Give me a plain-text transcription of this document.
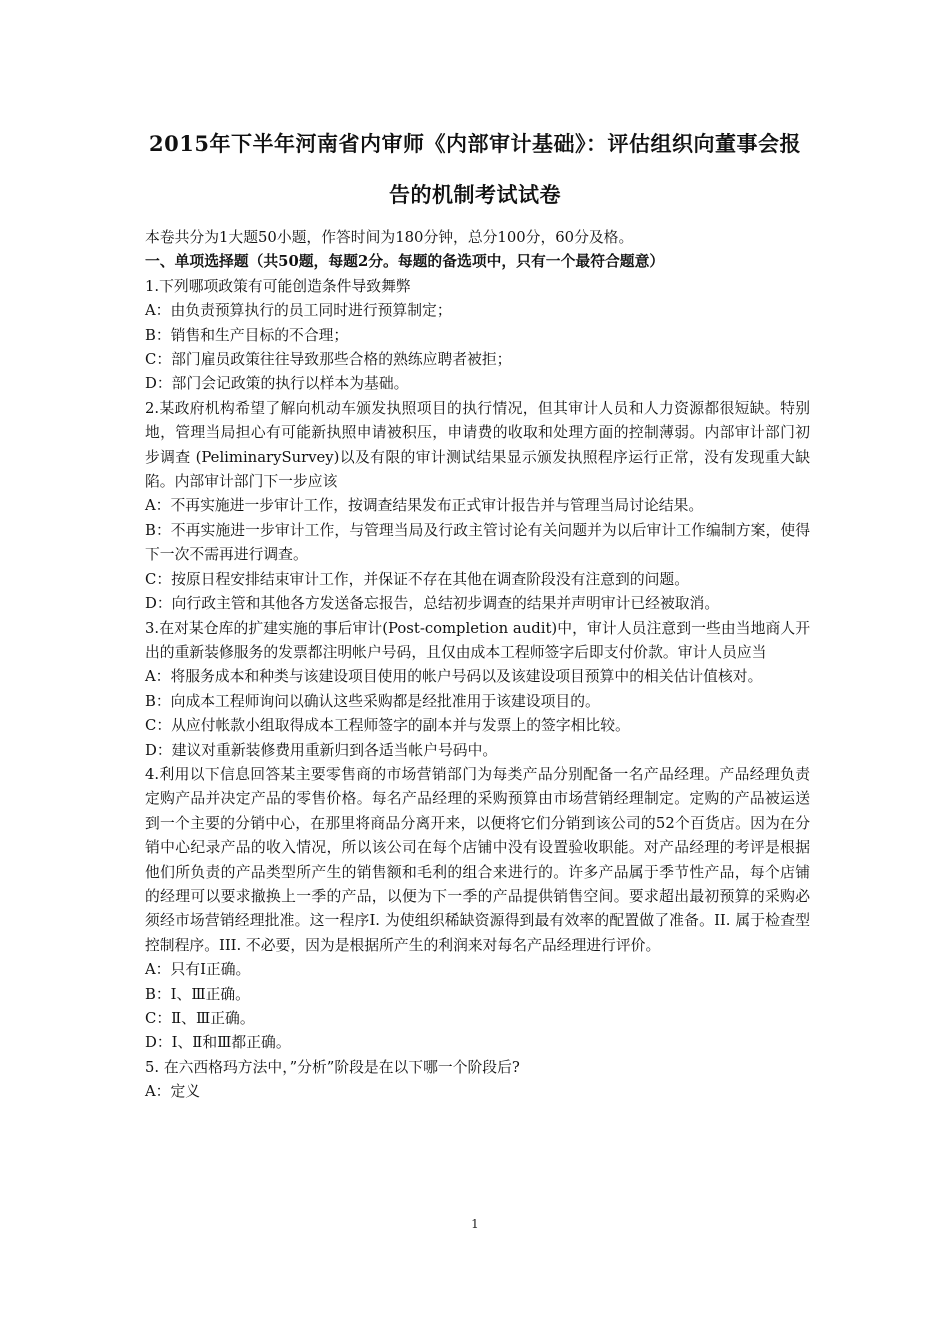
2015年下半年河南省内审师《内部审计基础》：评估组织向董事会报
告的机制考试试卷

本卷共分为1大题50小题，作答时间为180分钟，总分100分，60分及格。

一、单项选择题（共50题，每题2分。每题的备选项中，只有一个最符合题意）

1.下列哪项政策有可能创造条件导致舞弊

A：由负责预算执行的员工同时进行预算制定；

B：销售和生产目标的不合理；

C：部门雇员政策往往导致那些合格的熟练应聘者被拒；

D：部门会记政策的执行以样本为基础。

2.某政府机构希望了解向机动车颁发执照项目的执行情况，但其审计人员和人力资源都很短缺。特别地，管理当局担心有可能新执照申请被积压，申请费的收取和处理方面的控制薄弱。内部审计部门初步调查 (PeliminarySurvey)以及有限的审计测试结果显示颁发执照程序运行正常，没有发现重大缺陷。内部审计部门下一步应该

A：不再实施进一步审计工作，按调查结果发布正式审计报告并与管理当局讨论结果。

B：不再实施进一步审计工作，与管理当局及行政主管讨论有关问题并为以后审计工作编制方案，使得下一次不需再进行调查。

C：按原日程安排结束审计工作，并保证不存在其他在调查阶段没有注意到的问题。

D：向行政主管和其他各方发送备忘报告，总结初步调查的结果并声明审计已经被取消。

3.在对某仓库的扩建实施的事后审计(Post-completion audit)中，审计人员注意到一些由当地商人开出的重新装修服务的发票都注明帐户号码，且仅由成本工程师签字后即支付价款。审计人员应当

A：将服务成本和种类与该建设项目使用的帐户号码以及该建设项目预算中的相关估计值核对。

B：向成本工程师询问以确认这些采购都是经批准用于该建设项目的。

C：从应付帐款小组取得成本工程师签字的副本并与发票上的签字相比较。

D：建议对重新装修费用重新归到各适当帐户号码中。

4.利用以下信息回答某主要零售商的市场营销部门为每类产品分别配备一名产品经理。产品经理负责定购产品并决定产品的零售价格。每名产品经理的采购预算由市场营销经理制定。定购的产品被运送到一个主要的分销中心，在那里将商品分离开来，以便将它们分销到该公司的52个百货店。因为在分销中心纪录产品的收入情况，所以该公司在每个店铺中没有设置验收职能。对产品经理的考评是根据他们所负责的产品类型所产生的销售额和毛利的组合来进行的。许多产品属于季节性产品，每个店铺的经理可以要求撤换上一季的产品，以便为下一季的产品提供销售空间。要求超出最初预算的采购必须经市场营销经理批准。这一程序I. 为使组织稀缺资源得到最有效率的配置做了准备。II. 属于检查型控制程序。III. 不必要，因为是根据所产生的利润来对每名产品经理进行评价。

A：只有I正确。

B：I、Ⅲ正确。

C：Ⅱ、Ⅲ正确。

D：I、Ⅱ和Ⅲ都正确。

5. 在六西格玛方法中，”分析”阶段是在以下哪一个阶段后?

A：定义

1
